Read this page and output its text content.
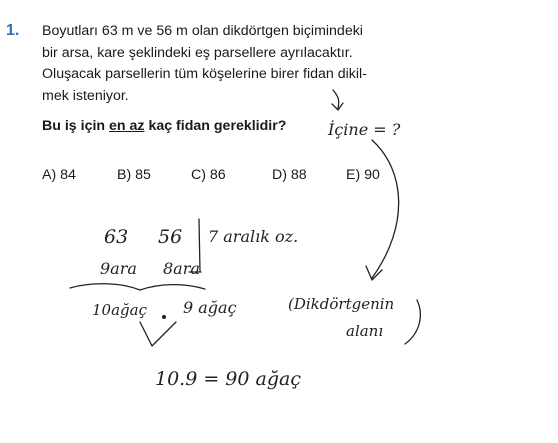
1. Boyutları 63 m ve 56 m olan dikdörtgen biçimindeki
bir arsa, kare şeklindeki eş parsellere ayrılacaktır.
Oluşacak parsellerin tüm köşelerine birer fidan dikil-
mek isteniyor.
Bu iş için en az kaç fidan gereklidir?
A) 84	B) 85	C) 86	D) 88	E) 90
İçine = ?
63 56 7 aralık oz.
9ara 8ara
10ağaç 9 ağaç	(Dikdörtgenin
alanı
10.9 = 90 ağaç
